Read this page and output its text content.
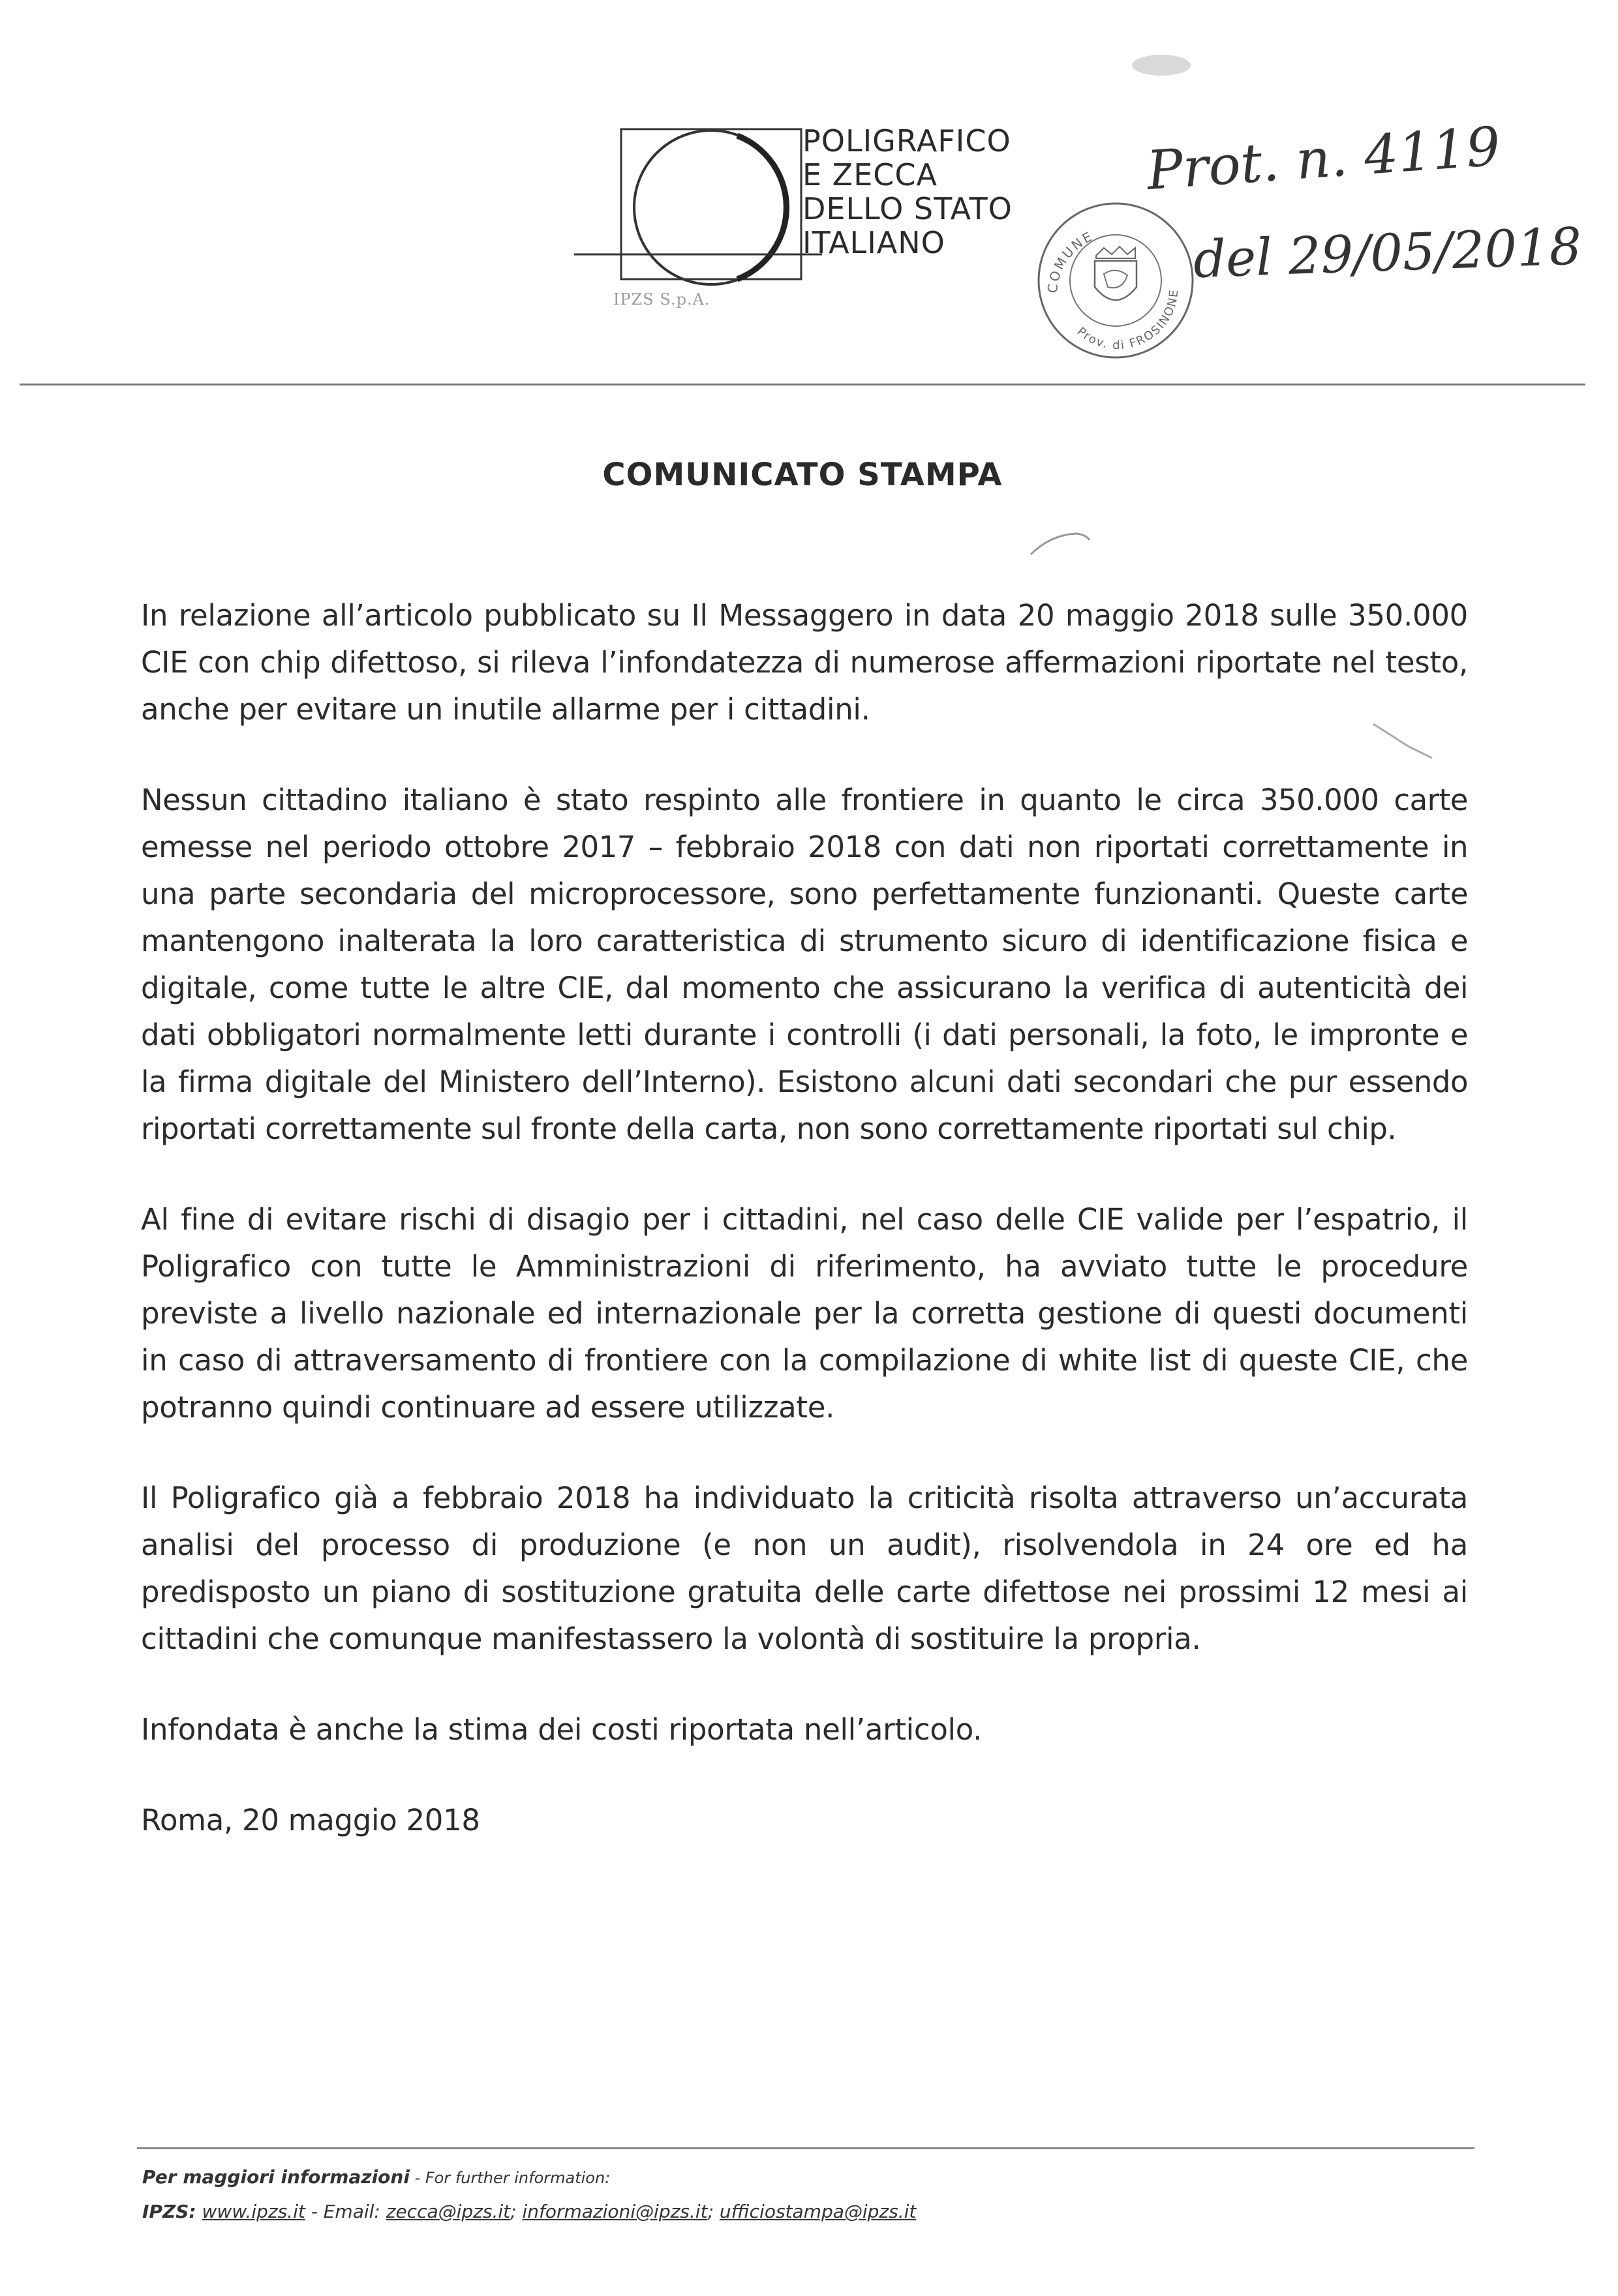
POLIGRAFICO
E ZECCA
DELLO STATO
ITALIANO
IPZS S.p.A.
COMUNE
Prov. di FROSINONE
Prot. n. 4119
del 29/05/2018
COMUNICATO STAMPA

In relazione all’articolo pubblicato su Il Messaggero in data 20 maggio 2018 sulle 350.000 CIE con chip difettoso, si rileva l’infondatezza di numerose affermazioni riportate nel testo, anche per evitare un inutile allarme per i cittadini.

Nessun cittadino italiano è stato respinto alle frontiere in quanto le circa 350.000 carte emesse nel periodo ottobre 2017 – febbraio 2018 con dati non riportati correttamente in una parte secondaria del microprocessore, sono perfettamente funzionanti. Queste carte mantengono inalterata la loro caratteristica di strumento sicuro di identificazione fisica e digitale, come tutte le altre CIE, dal momento che assicurano la verifica di autenticità dei dati obbligatori normalmente letti durante i controlli (i dati personali, la foto, le impronte e la firma digitale del Ministero dell’Interno). Esistono alcuni dati secondari che pur essendo riportati correttamente sul fronte della carta, non sono correttamente riportati sul chip.

Al fine di evitare rischi di disagio per i cittadini, nel caso delle CIE valide per l’espatrio, il Poligrafico con tutte le Amministrazioni di riferimento, ha avviato tutte le procedure previste a livello nazionale ed internazionale per la corretta gestione di questi documenti in caso di attraversamento di frontiere con la compilazione di white list di queste CIE, che potranno quindi continuare ad essere utilizzate.

Il Poligrafico già a febbraio 2018 ha individuato la criticità risolta attraverso un’accurata analisi del processo di produzione (e non un audit), risolvendola in 24 ore ed ha predisposto un piano di sostituzione gratuita delle carte difettose nei prossimi 12 mesi ai cittadini che comunque manifestassero la volontà di sostituire la propria.

Infondata è anche la stima dei costi riportata nell’articolo.

Roma, 20 maggio 2018

Per maggiori informazioni - For further information:
IPZS: www.ipzs.it - Email: zecca@ipzs.it; informazioni@ipzs.it; ufficiostampa@ipzs.it
